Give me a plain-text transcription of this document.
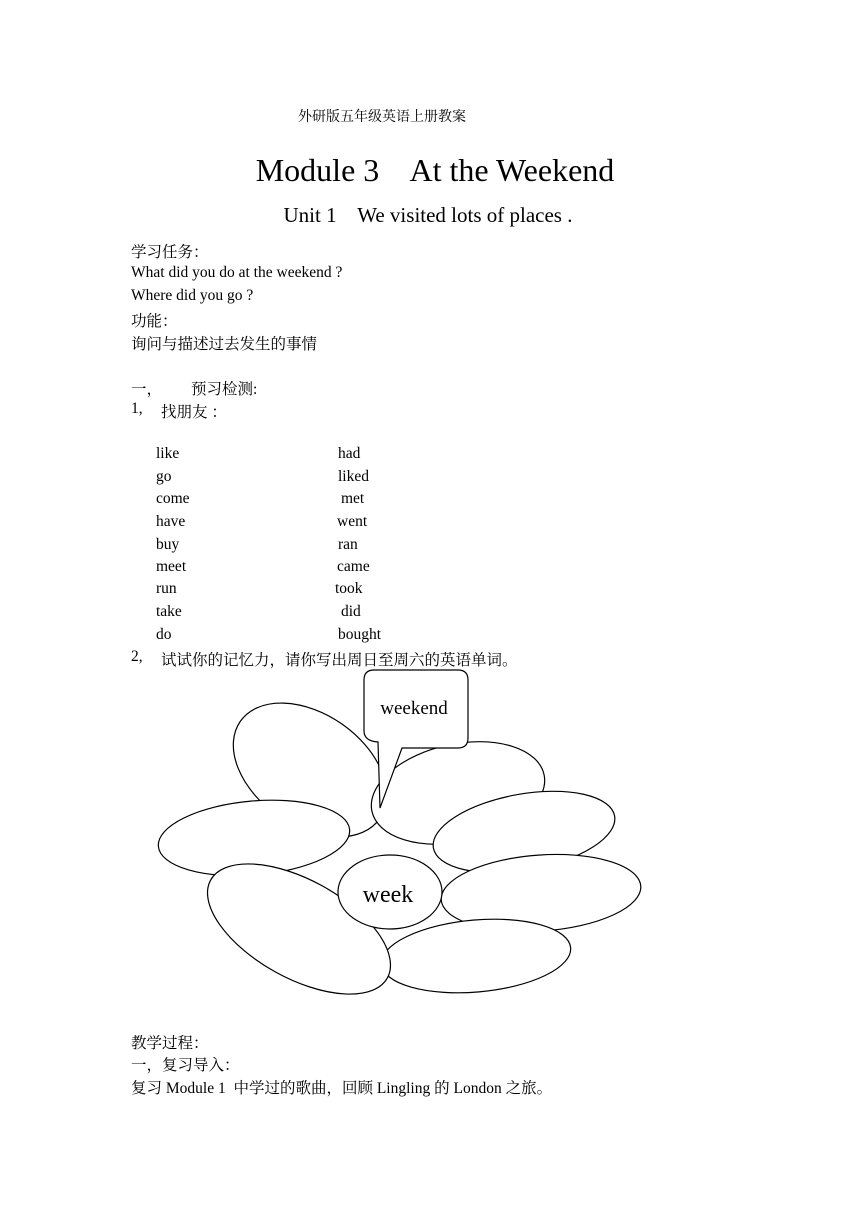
外研版五年级英语上册教案
Module 3    At the Weekend
Unit 1    We visited lots of places .
学习任务：
What did you do at the weekend ?
Where did you go ?
功能：
询问与描述过去发生的事情
一， 预习检测:
1, 找朋友 ：
like
go
come
have
buy
meet
run
take
do
had
liked
met
went
ran
came
took
did
bought
2, 试试你的记忆力，请你写出周日至周六的英语单词。
weekend
week
教学过程：
一，复习导入：
复习 Module 1  中学过的歌曲，回顾 Lingling 的 London 之旅。
